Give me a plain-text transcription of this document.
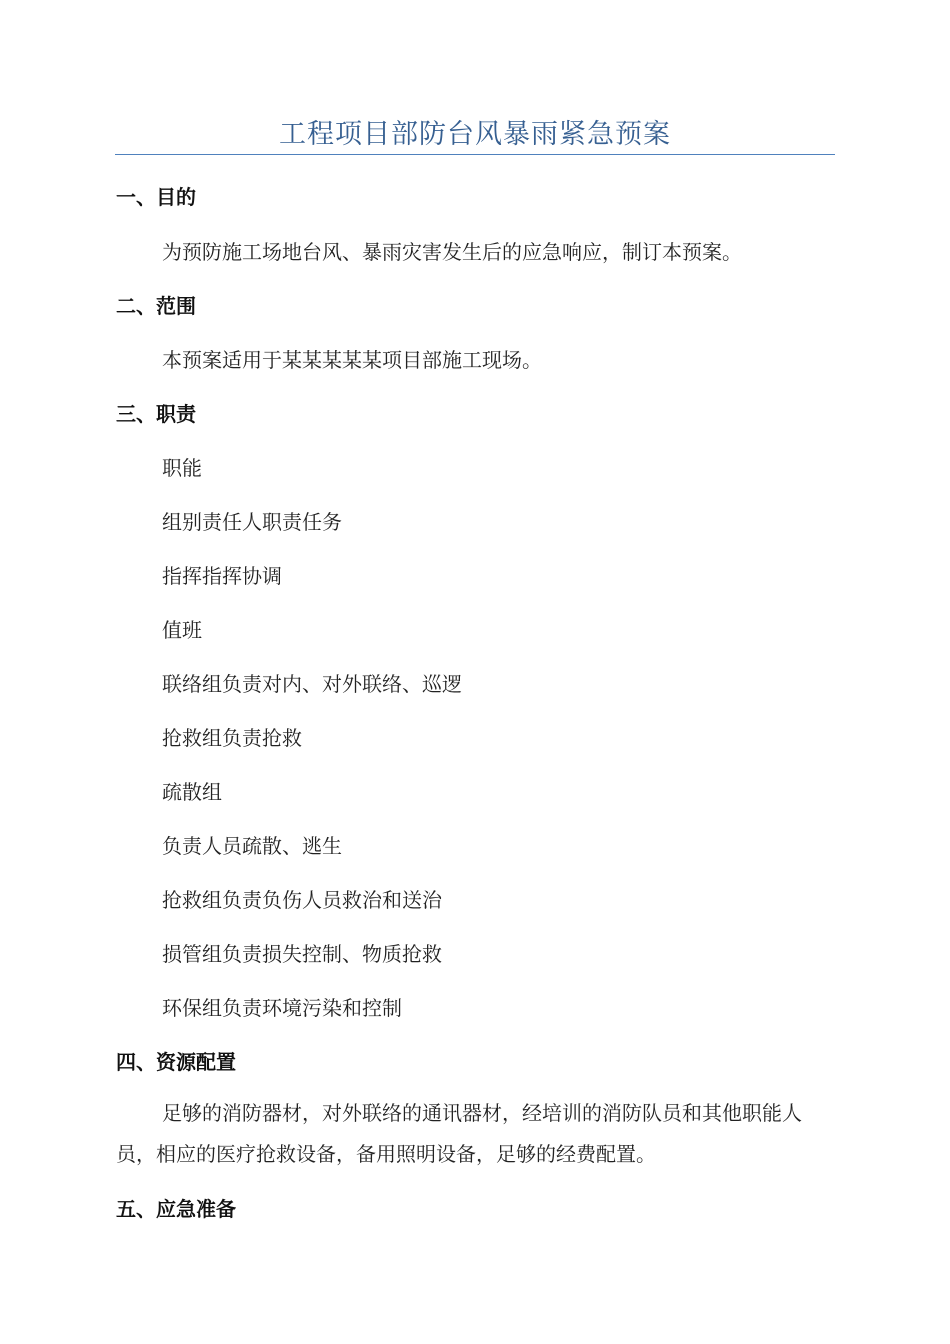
工程项目部防台风暴雨紧急预案
一、目的
为预防施工场地台风、暴雨灾害发生后的应急响应，制订本预案。
二、范围
本预案适用于某某某某某项目部施工现场。
三、职责
职能
组别责任人职责任务
指挥指挥协调
值班
联络组负责对内、对外联络、巡逻
抢救组负责抢救
疏散组
负责人员疏散、逃生
抢救组负责负伤人员救治和送治
损管组负责损失控制、物质抢救
环保组负责环境污染和控制
四、资源配置
足够的消防器材，对外联络的通讯器材，经培训的消防队员和其他职能人员，相应的医疗抢救设备，备用照明设备，足够的经费配置。
五、应急准备
